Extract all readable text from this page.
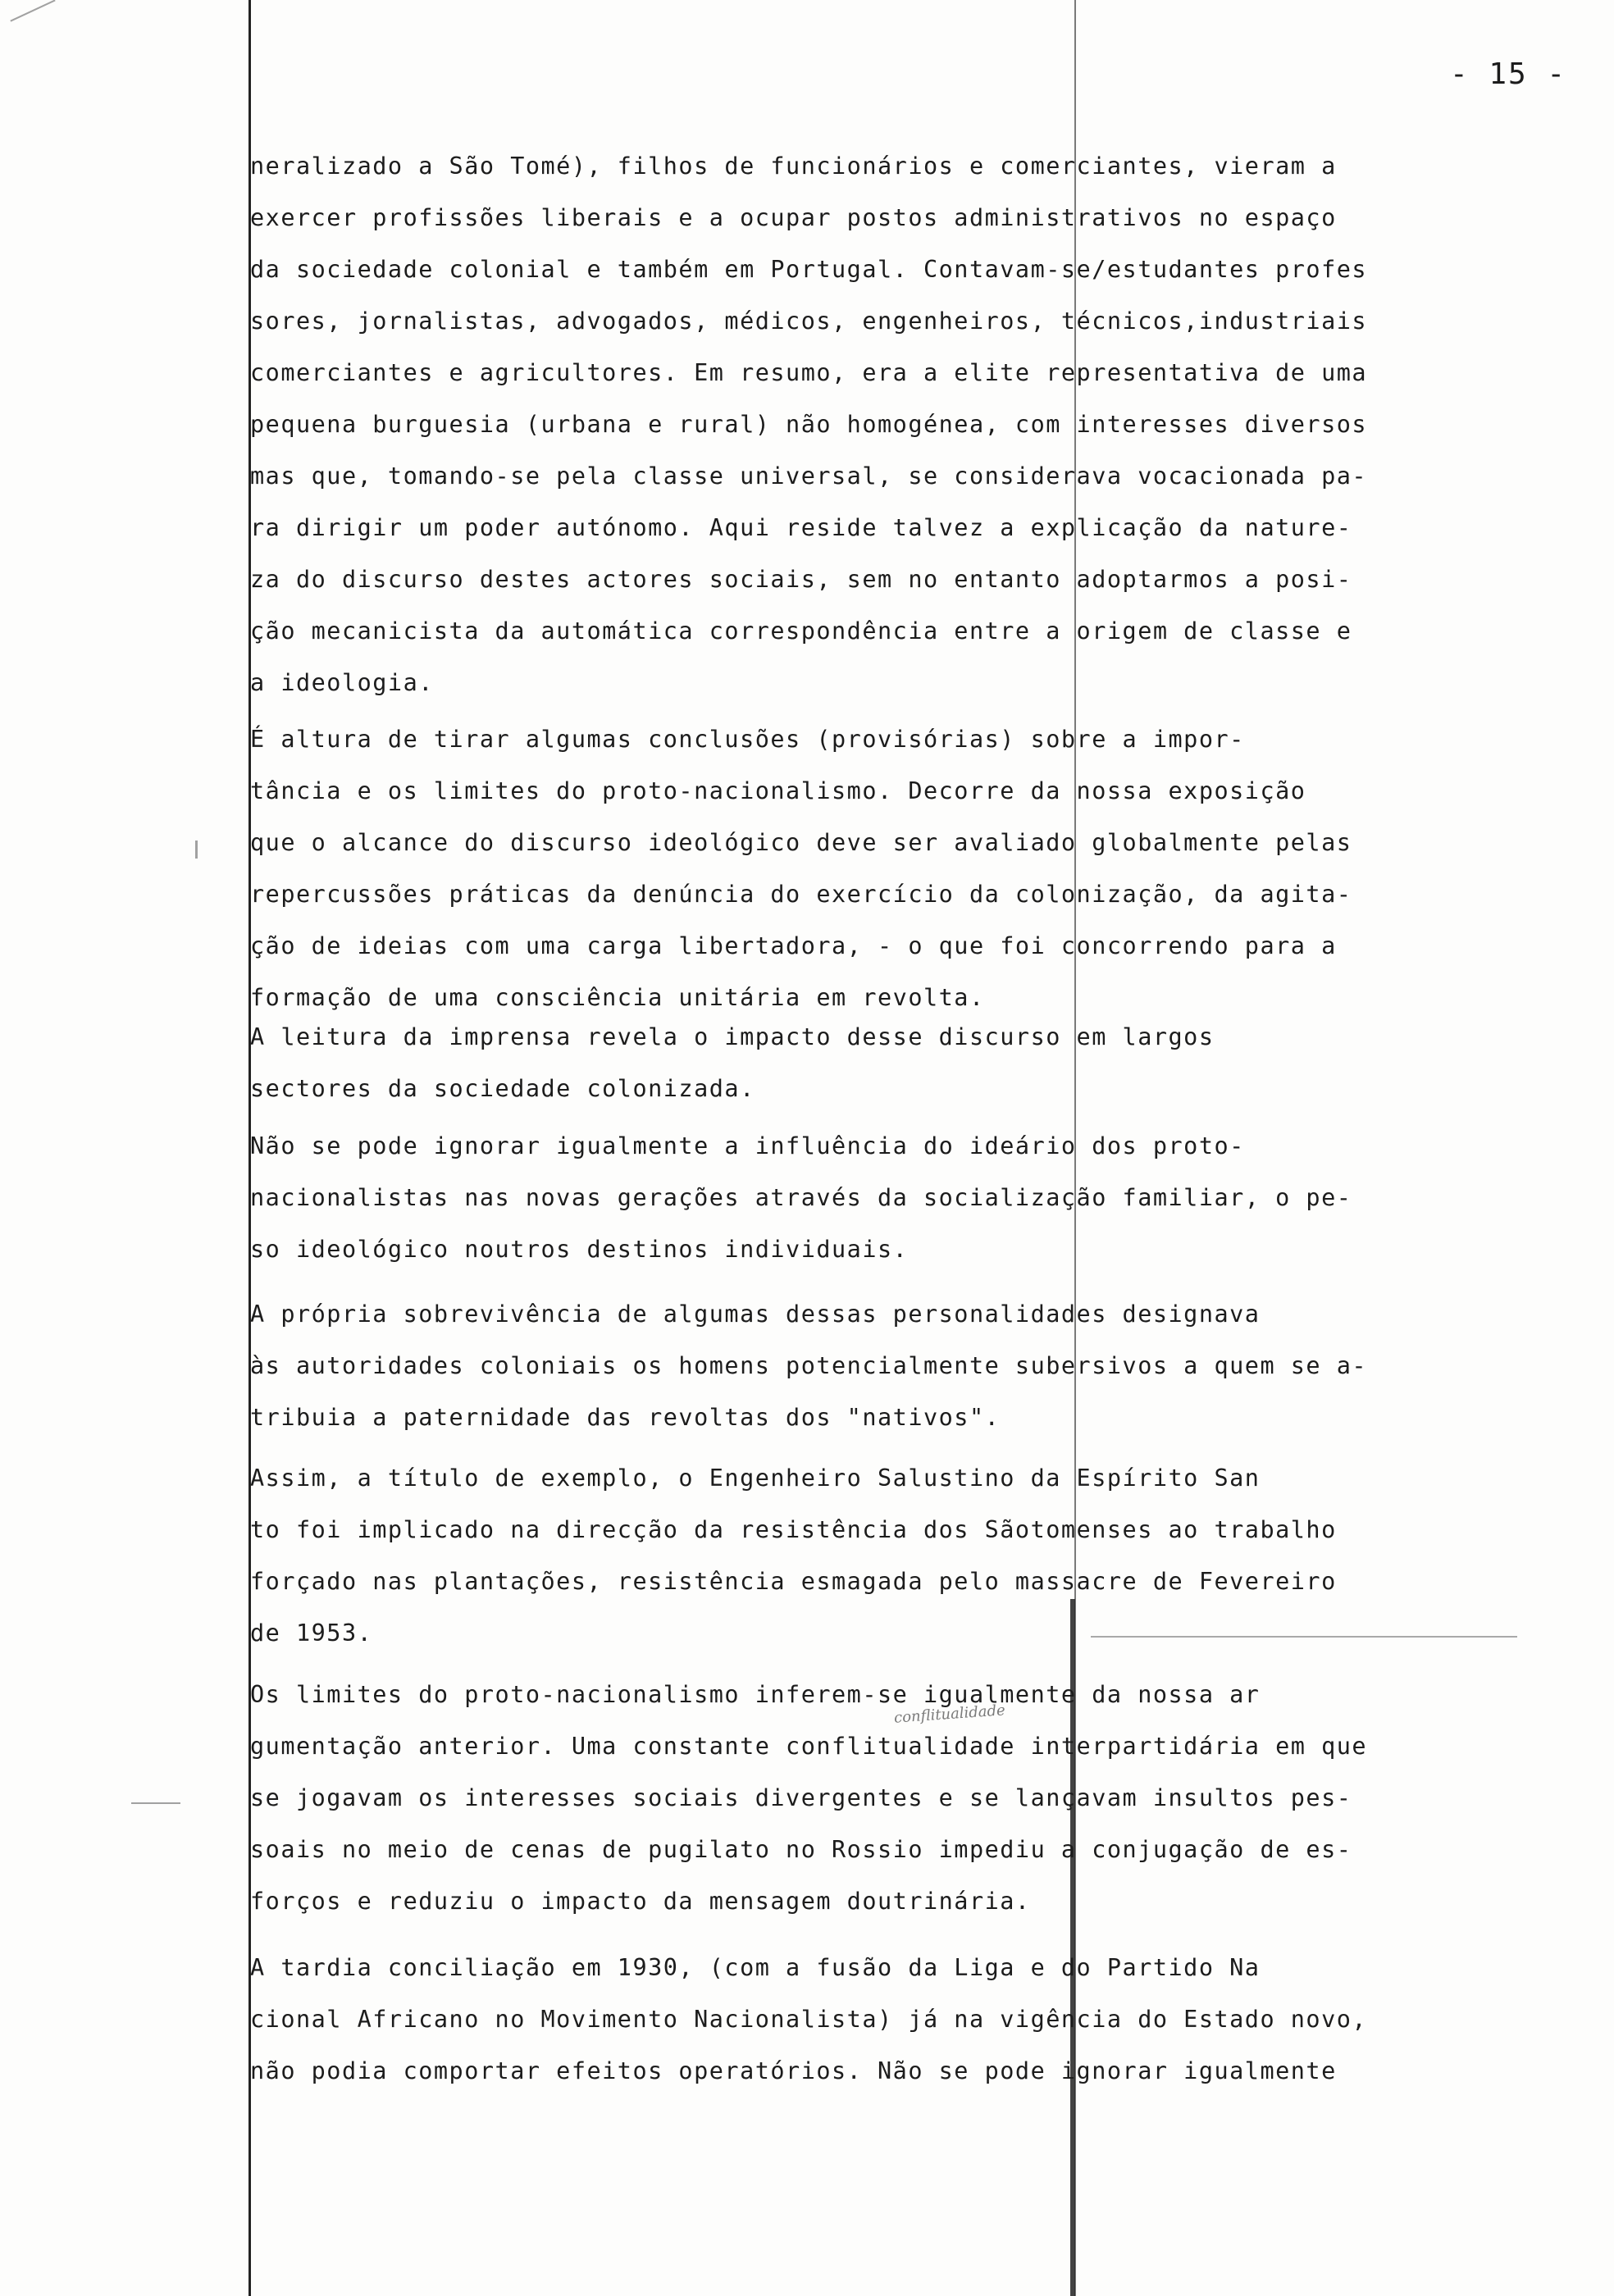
- 15 -
conflitualidade
neralizado a São Tomé), filhos de funcionários e comerciantes, vieram a
exercer profissões liberais e a ocupar postos administrativos no espaço
da sociedade colonial e também em Portugal. Contavam-se/estudantes profes
sores, jornalistas, advogados, médicos, engenheiros, técnicos,industriais
comerciantes e agricultores. Em resumo, era a elite representativa de uma
pequena burguesia (urbana e rural) não homogénea, com interesses diversos
mas que, tomando-se pela classe universal, se considerava vocacionada pa-
ra dirigir um poder autónomo. Aqui reside talvez a explicação da nature-
za do discurso destes actores sociais, sem no entanto adoptarmos a posi-
ção mecanicista da automática correspondência entre a origem de classe e
a ideologia.
É altura de tirar algumas conclusões (provisórias) sobre a impor-
tância e os limites do proto-nacionalismo. Decorre da nossa exposição
que o alcance do discurso ideológico deve ser avaliado globalmente pelas
repercussões práticas da denúncia do exercício da colonização, da agita-
ção de ideias com uma carga libertadora, - o que foi concorrendo para a
formação de uma consciência unitária em revolta.
A leitura da imprensa revela o impacto desse discurso em largos
sectores da sociedade colonizada.
Não se pode ignorar igualmente a influência do ideário dos proto-
nacionalistas nas novas gerações através da socialização familiar, o pe-
so ideológico noutros destinos individuais.
A própria sobrevivência de algumas dessas personalidades designava
às autoridades coloniais os homens potencialmente subersivos a quem se a-
tribuia a paternidade das revoltas dos "nativos".
Assim, a título de exemplo, o Engenheiro Salustino da Espírito San
to foi implicado na direcção da resistência dos Sãotomenses ao trabalho
forçado nas plantações, resistência esmagada pelo massacre de Fevereiro
de 1953.
Os limites do proto-nacionalismo inferem-se igualmente da nossa ar
gumentação anterior. Uma constante conflitualidade interpartidária em que
se jogavam os interesses sociais divergentes e se lançavam insultos pes-
soais no meio de cenas de pugilato no Rossio impediu a conjugação de es-
forços e reduziu o impacto da mensagem doutrinária.
A tardia conciliação em 1930, (com a fusão da Liga e do Partido Na
cional Africano no Movimento Nacionalista) já na vigência do Estado novo,
não podia comportar efeitos operatórios. Não se pode ignorar igualmente
